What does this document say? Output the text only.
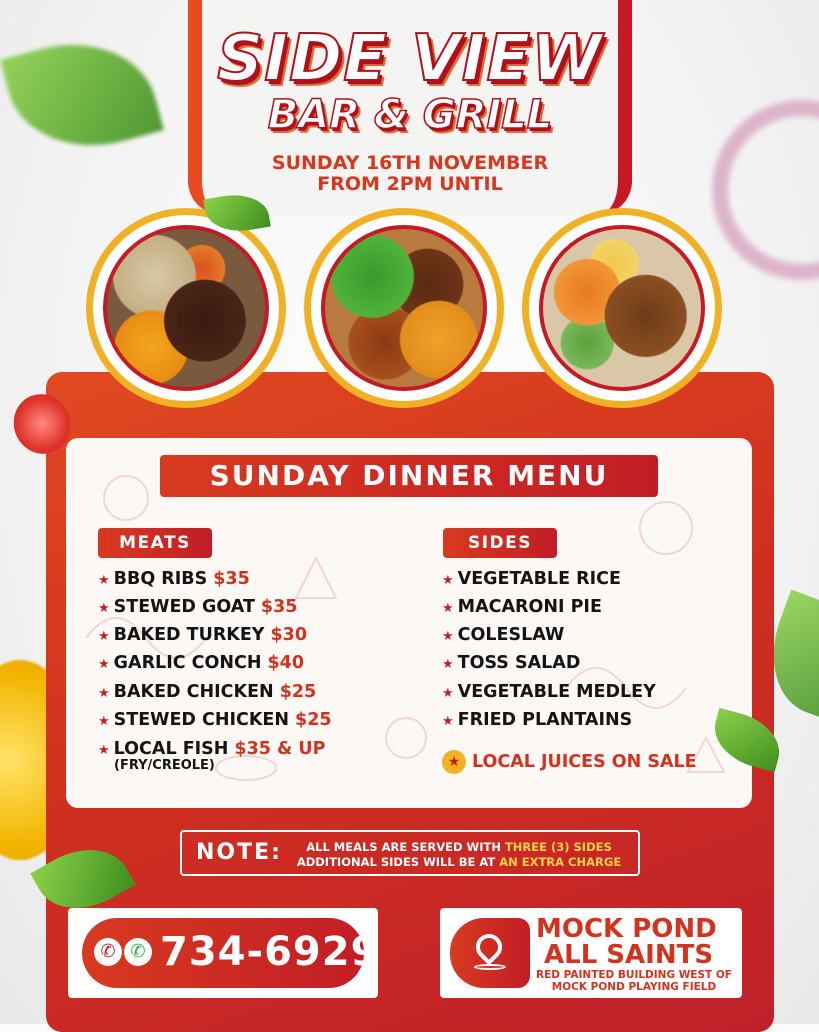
SIDE VIEW
BAR & GRILL
SUNDAY 16TH NOVEMBER
FROM 2PM UNTIL
SUNDAY DINNER MENU
MEATS	SIDES
★ BBQ RIBS $35
★ STEWED GOAT $35
★ BAKED TURKEY $30
★ GARLIC CONCH $40
★ BAKED CHICKEN $25
★ STEWED CHICKEN $25
★ LOCAL FISH $35 & UP
(FRY/CREOLE)
★ VEGETABLE RICE
★ MACARONI PIE
★ COLESLAW
★ TOSS SALAD
★ VEGETABLE MEDLEY
★ FRIED PLANTAINS
★ LOCAL JUICES ON SALE
NOTE:	ALL MEALS ARE SERVED WITH THREE (3) SIDES
ADDITIONAL SIDES WILL BE AT AN EXTRA CHARGE
✆ ✆ 734-6929	MOCK POND
ALL SAINTS
RED PAINTED BUILDING WEST OF
MOCK POND PLAYING FIELD
